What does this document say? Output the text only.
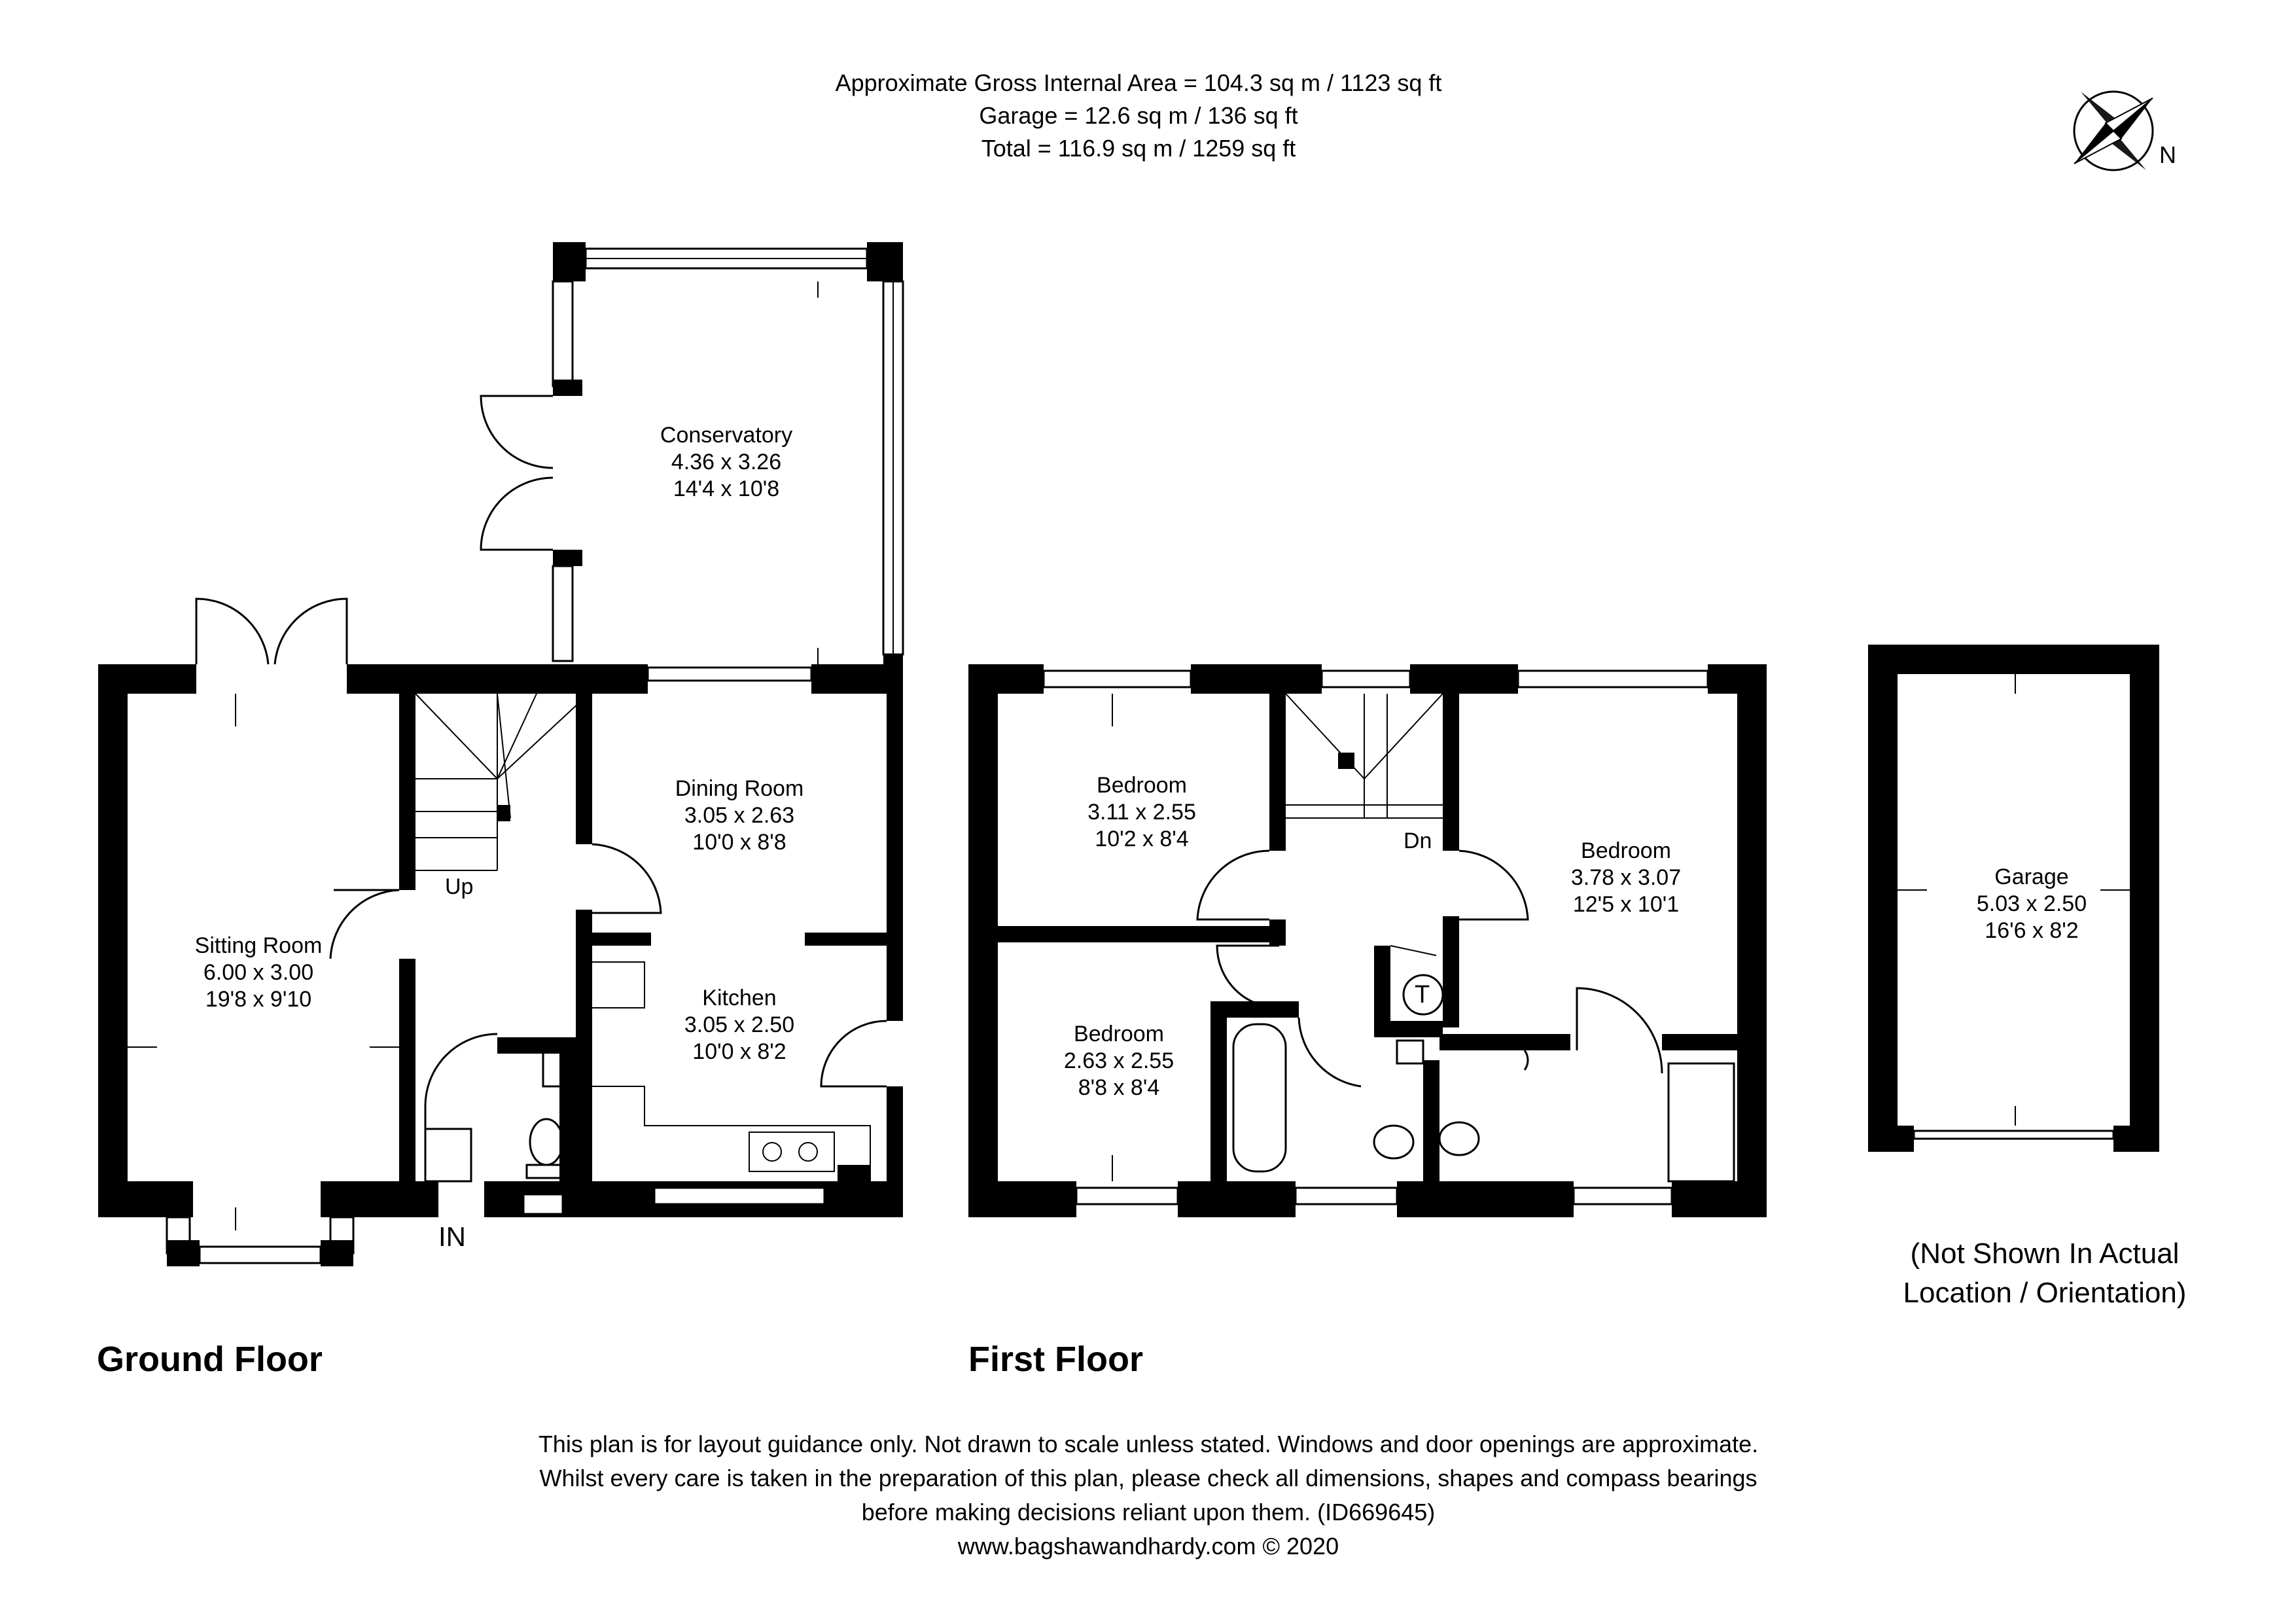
Approximate Gross Internal Area = 104.3 sq m / 1123 sq ft
Garage = 12.6 sq m / 136 sq ft
Total = 116.9 sq m / 1259 sq ft	N
Conservatory
4.36 x 3.26
14'4 x 10'8
Sitting Room
6.00 x 3.00
19'8 x 9'10
Dining Room
3.05 x 2.63
10'0 x 8'8
Kitchen
3.05 x 2.50
10'0 x 8'2
Up
IN
Bedroom
3.11 x 2.55
10'2 x 8'4	Bedroom
3.78 x 3.07
12'5 x 10'1
Bedroom
2.63 x 2.55
8'8 x 8'4
Dn
T
Garage
5.03 x 2.50
16'6 x 8'2
(Not Shown In Actual
Location / Orientation)
Ground Floor	First Floor
This plan is for layout guidance only. Not drawn to scale unless stated. Windows and door openings are approximate.
Whilst every care is taken in the preparation of this plan, please check all dimensions, shapes and compass bearings
before making decisions reliant upon them. (ID669645)
www.bagshawandhardy.com © 2020
